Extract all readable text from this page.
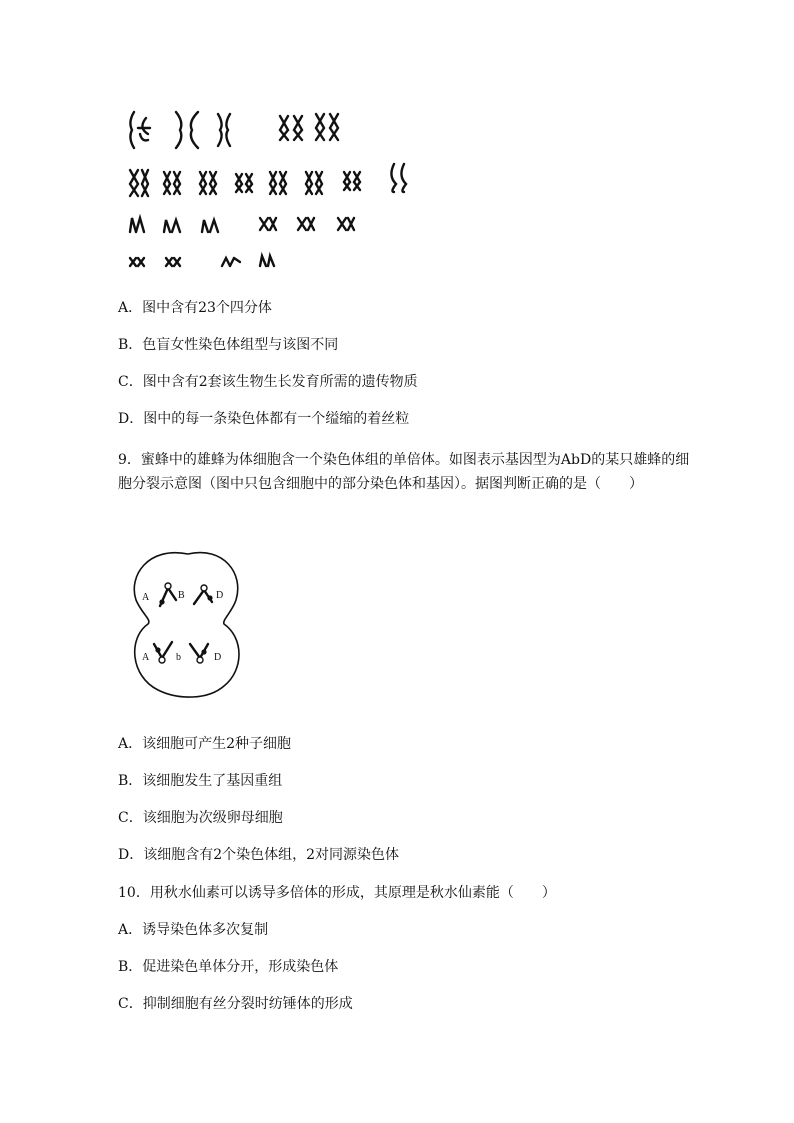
A．图中含有23个四分体
B．色盲女性染色体组型与该图不同
C．图中含有2套该生物生长发育所需的遗传物质
D．图中的每一条染色体都有一个缢缩的着丝粒
9．蜜蜂中的雄蜂为体细胞含一个染色体组的单倍体。如图表示基因型为AbD的某只雄蜂的细胞分裂示意图（图中只包含细胞中的部分染色体和基因）。据图判断正确的是（　　）
A	B	D
A	b	D
A．该细胞可产生2种子细胞
B．该细胞发生了基因重组
C．该细胞为次级卵母细胞
D．该细胞含有2个染色体组，2对同源染色体
10．用秋水仙素可以诱导多倍体的形成，其原理是秋水仙素能（　　）
A．诱导染色体多次复制
B．促进染色单体分开，形成染色体
C．抑制细胞有丝分裂时纺锤体的形成
